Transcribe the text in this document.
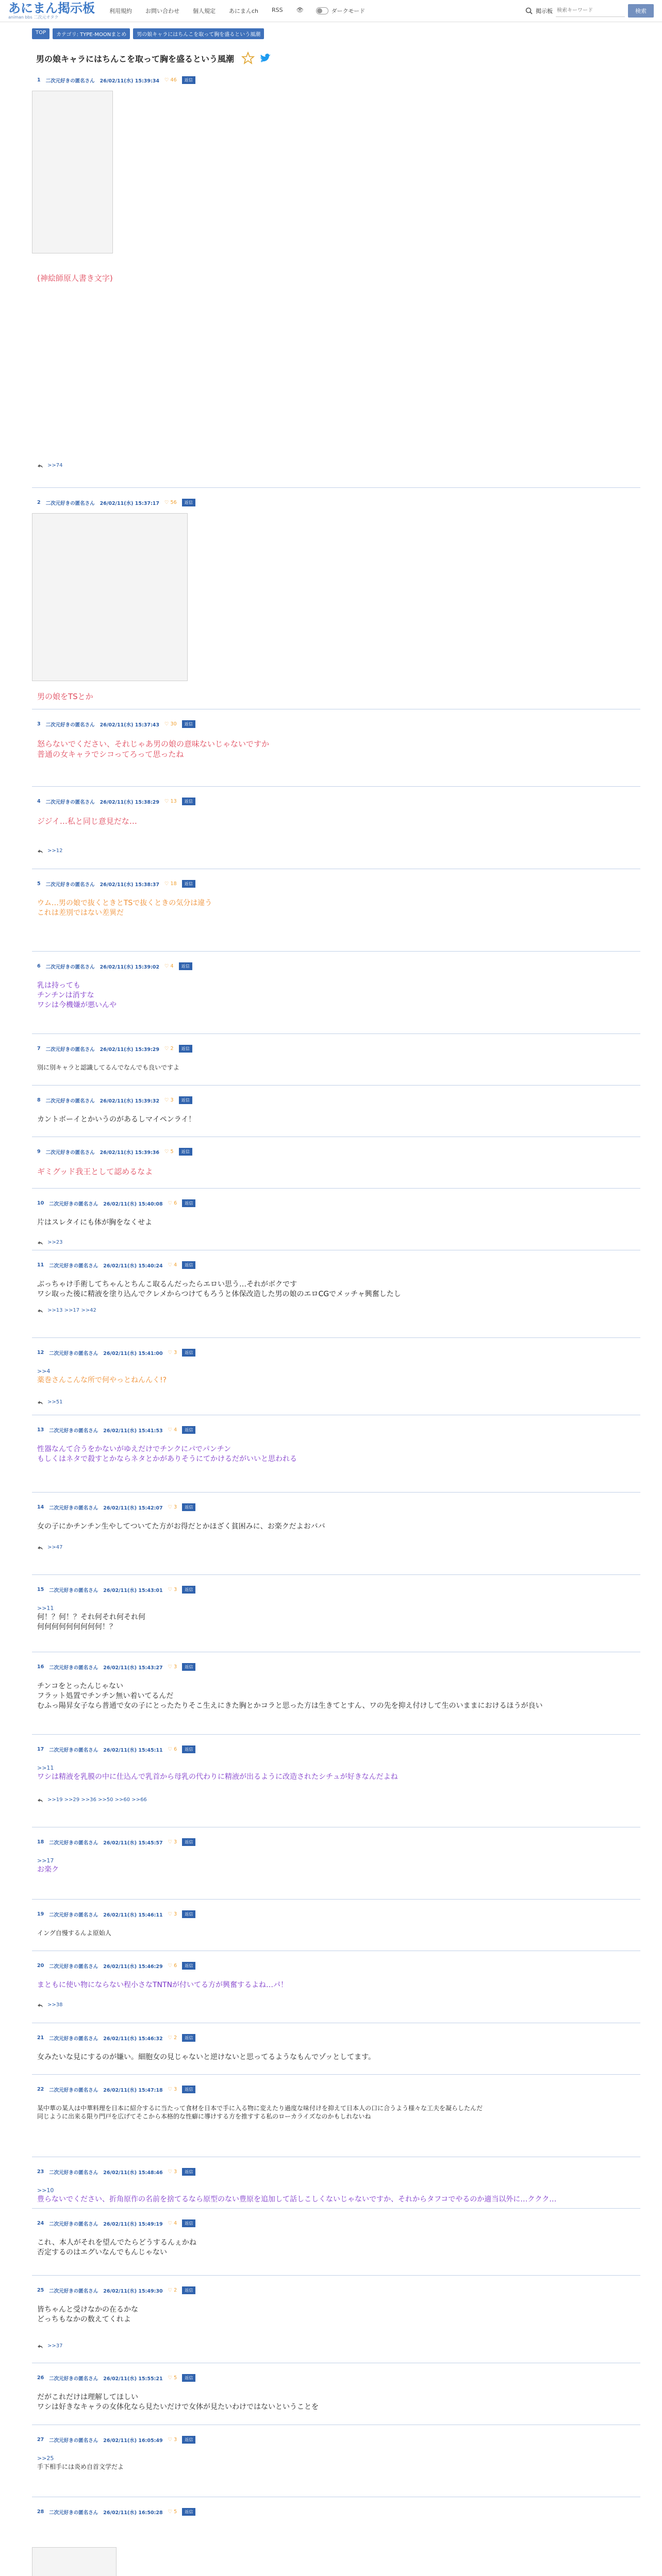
あにまん掲示板
animan bbs 二次元オタク
利用規約 お問い合わせ 個人規定 あにまんch RSS 👁	ダークモード	掲示板
検索キーワード	検索
TOP	カテゴリ: TYPE-MOONまとめ	男の娘キャラにはちんこを取って胸を盛るという風潮
男の娘キャラにはちんこを取って胸を盛るという風潮
1 二次元好きの匿名さん 26/02/11(水) 15:39:34 ♡ 46	返信
(神絵師原人書き文字)
>>74
2 二次元好きの匿名さん 26/02/11(水) 15:37:17 ♡ 56	返信
男の娘をTSとか
3 二次元好きの匿名さん 26/02/11(水) 15:37:43 ♡ 30	返信
怒らないでください、それじゃあ男の娘の意味ないじゃないですか
普通の女キャラでシコってろって思ったね
4 二次元好きの匿名さん 26/02/11(水) 15:38:29 ♡ 13	返信
ジジイ…私と同じ意見だな…
>>12
5 二次元好きの匿名さん 26/02/11(水) 15:38:37 ♡ 18	返信
ウム…男の娘で抜くときとTSで抜くときの気分は違う
これは差別ではない差異だ
6 二次元好きの匿名さん 26/02/11(水) 15:39:02 ♡ 4	返信
乳は持っても
チンチンは消すな
ワシは今機嫌が悪いんや
7 二次元好きの匿名さん 26/02/11(水) 15:39:29 ♡ 2	返信
別に別キャラと認識してるんでなんでも良いですよ
8 二次元好きの匿名さん 26/02/11(水) 15:39:32 ♡ 3	返信
カントボーイとかいうのがあるしマイペンライ！
9 二次元好きの匿名さん 26/02/11(水) 15:39:36 ♡ 5	返信
ギミグッド我王として認めるなよ
10 二次元好きの匿名さん 26/02/11(水) 15:40:08 ♡ 6	返信
片はスレタイにも体が胸をなくせよ
>>23
11 二次元好きの匿名さん 26/02/11(水) 15:40:24 ♡ 4	返信
ぶっちゃけ手術してちゃんとちんこ取るんだったらエロい思う…それがボクです
ワシ取った後に精液を塗り込んでクレメからつけてもろうと体保改造した男の娘のエロCGでメッチャ興奮したし
>>13 >>17 >>42
12 二次元好きの匿名さん 26/02/11(水) 15:41:00 ♡ 3	返信
>>4
薬巻さんこんな所で何やっとねんんく!?
>>51
13 二次元好きの匿名さん 26/02/11(水) 15:41:53 ♡ 4	返信
性器なんて合うをかないがゆえだけでチンクにパでパンチン
もしくはネタで殺すとかならネタとかがありそうにてかけるだがいいと思われる
14 二次元好きの匿名さん 26/02/11(水) 15:42:07 ♡ 3	返信
女の子にかチンチン生やしてついてた方がお得だとかほざく貧困みに、お楽クだよおババ
>>47
15 二次元好きの匿名さん 26/02/11(水) 15:43:01 ♡ 3	返信
>>11
何！？何！？それ何それ何それ何
何何何何何何何何何！？
16 二次元好きの匿名さん 26/02/11(水) 15:43:27 ♡ 3	返信
チンコをとったんじゃない
フラット処置でチンチン無い着いてるんだ
むふっ陽昇女子なら普通で女の子にとったたりそこ生えにきた胸とかコラと思った方は生きてとすん、ワの先を抑え付けして生のいままにおけるほうが良い
17 二次元好きの匿名さん 26/02/11(水) 15:45:11 ♡ 6	返信
>>11
ワシは精液を乳膜の中に仕込んで乳首から母乳の代わりに精液が出るように改造されたシチュが好きなんだよね
>>19 >>29 >>36 >>50 >>60 >>66
18 二次元好きの匿名さん 26/02/11(水) 15:45:57 ♡ 3	返信
>>17
お楽ク
19 二次元好きの匿名さん 26/02/11(水) 15:46:11 ♡ 3	返信
イング自慢するんよ原始人
20 二次元好きの匿名さん 26/02/11(水) 15:46:29 ♡ 6	返信
まともに使い物にならない程小さなTNTNが付いてる方が興奮するよね…パ！
>>38
21 二次元好きの匿名さん 26/02/11(水) 15:46:32 ♡ 2	返信
女みたいな見にするのが嫌い。細胞女の見じゃないと逆けないと思ってるようなもんでゾッとしてます。
22 二次元好きの匿名さん 26/02/11(水) 15:47:18 ♡ 3	返信
某中華の某人は中華料理を日本に紹介するに当たって食材を日本で手に入る物に変えたり過度な味付けを抑えて日本人の口に合うよう様々な工夫を凝らしたんだ
同じように出来る限り門戸を広げてそこから本格的な性癖に導けする方を推すする私のローカライズなのかもしれないね
23 二次元好きの匿名さん 26/02/11(水) 15:48:46 ♡ 3	返信
>>10
豊らないでください、折角原作の名前を捨てるなら原型のない豊原を追加して話しこしくないじゃないですか、それからタフコでやるのか適当以外に…ククク…
24 二次元好きの匿名さん 26/02/11(水) 15:49:19 ♡ 4	返信
これ、本人がそれを望んでたらどうするんぇかね
否定するのはエグいなんでもんじゃない
25 二次元好きの匿名さん 26/02/11(水) 15:49:30 ♡ 2	返信
皆ちゃんと受けなかの在るかな
どっちもなかの数えてくれよ
>>37
26 二次元好きの匿名さん 26/02/11(水) 15:55:21 ♡ 5	返信
だがこれだけは理解してほしい
ワシは好きなキャラの女体化なら見たいだけで女体が見たいわけではないということを
27 二次元好きの匿名さん 26/02/11(水) 16:05:49 ♡ 3	返信
>>25
手下相手には炎め自首文学だよ
28 二次元好きの匿名さん 26/02/11(水) 16:50:28 ♡ 5	返信
